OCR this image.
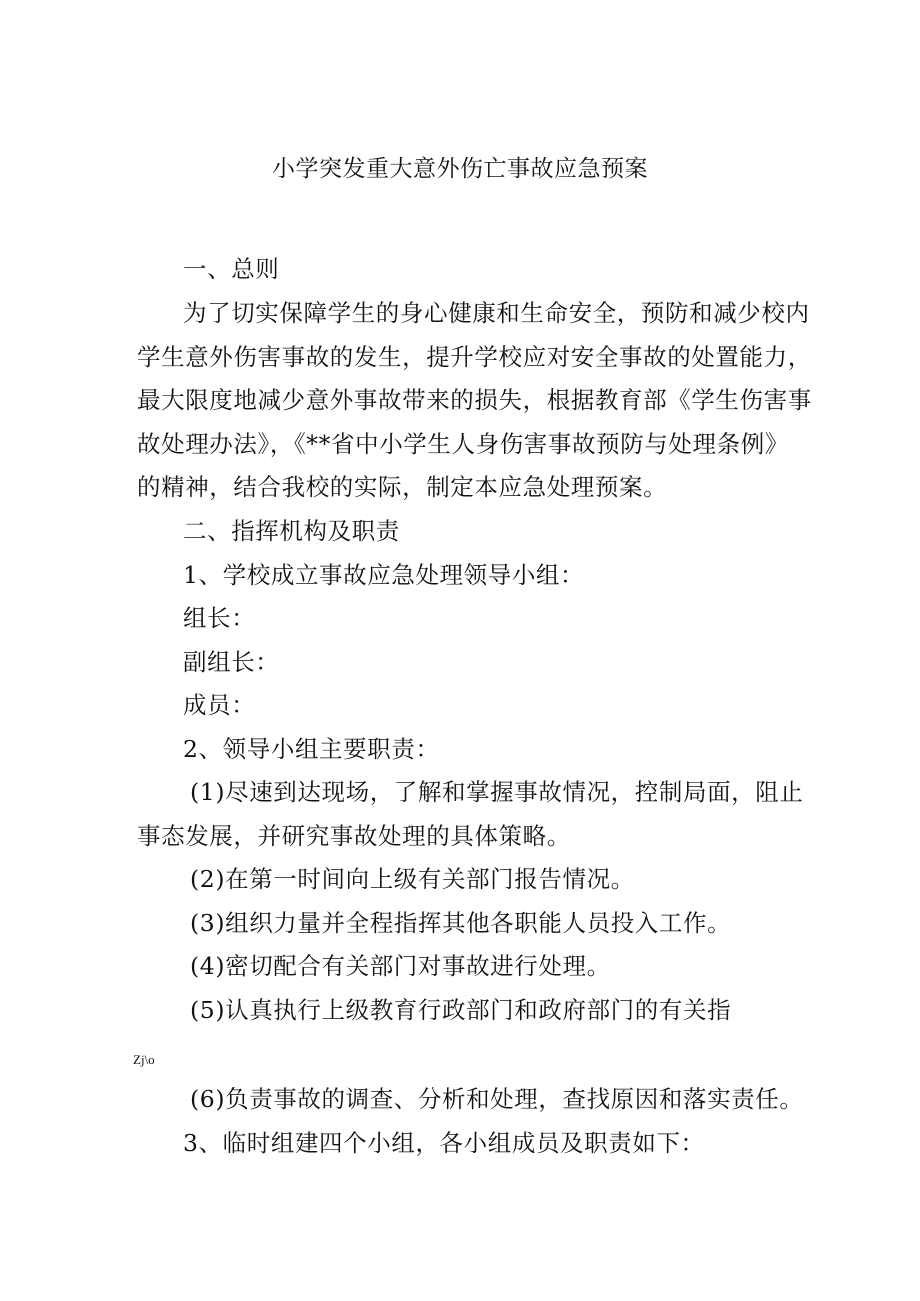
小学突发重大意外伤亡事故应急预案
一、总则
为了切实保障学生的身心健康和生命安全，预防和减少校内
学生意外伤害事故的发生，提升学校应对安全事故的处置能力，
最大限度地减少意外事故带来的损失，根据教育部《学生伤害事
故处理办法》，《**省中小学生人身伤害事故预防与处理条例》
的精神，结合我校的实际，制定本应急处理预案。
二、指挥机构及职责
1、学校成立事故应急处理领导小组：
组长：
副组长：
成员：
2、领导小组主要职责：
(1)尽速到达现场，了解和掌握事故情况，控制局面，阻止
事态发展，并研究事故处理的具体策略。
(2)在第一时间向上级有关部门报告情况。
(3)组织力量并全程指挥其他各职能人员投入工作。
(4)密切配合有关部门对事故进行处理。
(5)认真执行上级教育行政部门和政府部门的有关指
Zj\o
(6)负责事故的调查、分析和处理，查找原因和落实责任。
3、临时组建四个小组，各小组成员及职责如下：
